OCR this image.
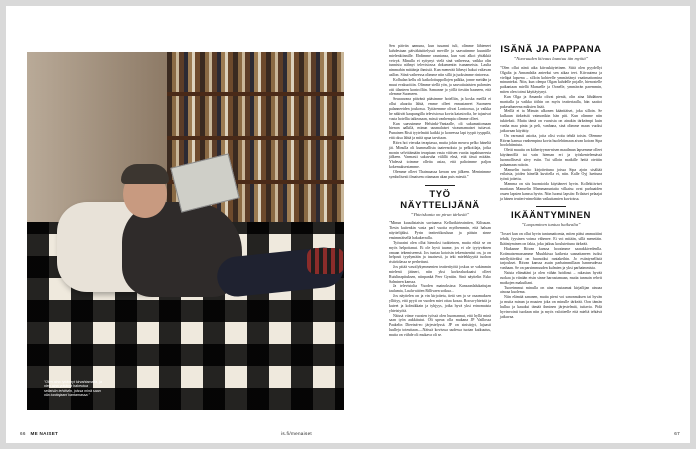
”Olen aina tykännyt kirvahtamalla, ja olen aina yrittänyt hakeutua sellaisiin tehtäviin, joissa minä saan olla tuottajaani kantamassa.”
66 ME NAISET

Sen päivän aamuna, kun tuuanni tuli, olimme lähteneet kahdestaan päiväkäsittelyssä meville ja saavutimme kuuniille mielenkiinnille. Ehdimme rauniansa, kun vasi alkoi yhtäkkiä veivyä. Minulla ei syttynyt vielä sinä vaiheessa, vaikka olin tunnistu nähnyt televisiossa dokumentin tsunameista. Laulia nimmahin mitäänja ihmisiä. Kun menerää lähesyi hakui valtavan aallon. Siinä vaiheessa olimme niin sillä ja juoksimme rintoessa.

Kolhulan kellu oli katkolottuppollojen palkka, jonne meidän ja muut evakuoitiin. Olimme siellä yön, ja sauvatiaiaisten palomies otti tilanteen kontrolliin. Samanne jo yöllä tiesitin baaneen, että olemme Suomeen.

Seuraavana päivänä pääsimme hotelliin, ja koska meillä ei ollut aluarita lähtä, emme olleet ennustaneet Suomeen palanneeiden joukossa. Tyttäremme olivat Lontoossa, ja vaikka he näkivät kaupungilla televisiossa kovia katastrofia, he tajusivat vasta hotellia taikeasaan, missä vanhempia olimme olleet.

Kun saavuimme Helsinki-Vantaalle, oli sukumattomaan hienon aalkilä, minun uusmalaiset viraumamaiset tuttavat. Punainen Risti tyytelmitti kaikki jo koneessa lapi tyypit tyyppilä, että oksa lähtä ja mitä apua tarvitaan.

Ritva hoi vieruka terapiassa, mutta jokin meuvu pelko häneltä jäi. Minulla oli kummallista taateenoksia ja pelkotilaja, jotka monin selvittämään terapiaan vasta viitisen vuotta tapahtuneesta jälkeen. Varmasti sukuvuha välillä ehsä, että tässä mitään. Yhdessä toimme olleita asiaa, että paltoimme paljon kokemuksestamme.

Olemme olleet Thaimaassa kerran sen jälkeen. Meninimme symbolisesti ilmaisem ottamaan akan puis miestä.”

TYÖ NÄYTTELIJÄNÄ
”Yhteiskunta on pirun tärkeää”

”Minun kuuulistaisin suviaansa Kellarikirteaintien, Kiltuuan. Tiesin kuitenkin vasta parl vuotta myöhemmin, että haluan näyttelijäksi. Pyrin teatteriikouluun ja pääsin sinne ensimmäisellä hakukerralla.

Työuraini olen ollut hienoksi tuokteinen, mutta eihtä se on myös helpottanut. Ei ole hyvä tuume, jos ei ole tyytyväinen omaan tekemiseensä. Jos tuntaa kotoisin tekemisenäsi on, ja on helposti tyydymään ja tasaisesti, ja teki mielekkyyttä tuohon ristiriidassa se perhettani.

Jos pitää vasoilykymmenien teatterityötä joskus se vakimmin mielenti jäänert, niin yksi korkealuokaaisi olleet Ruislinapituksen, niinpankä Peer Gyntiin. Sinä näyttelin Esko Salminen kanssa.

Ja televisiolta Vuoden mainoksissa Kansaanlalukattujan taulumia, Laulu-aitöen Rillivaen sotkua...

Jos näyttelen on ja vin kirjoitetu, tietä sen ja se osaamuksen yllittyy, että pyyti on vuoden miet ottaa kosaa. Roosa-yhteistä ja kuteet ja kolmikkain ja tyhjyys, jotka hyvä yksi erinomaista yhteistyötä.

Näissä viime vuosien työssä olen huomannut, että hyllä minä saan työn aukkitutut. Oli upeaa olla mukana JP Vaillossa Paakelin Dieeinä-eo järjestelyssä. JP on sinisärjyt, lajaasti luulleja toteuttaan.—Näissä kovisssa uudessa tuotan kaikuutus, mutta on viihde oli mukava oli se.

ISÄNÄ JA PAPPANA
”Nuoruuden kiivaus laantuu iän myötä”

”Olen ollut nänä aika kiivaskäytetinen. Siitä olen pyydellyt Olgalta ja Annandalta anteeksi sen aikaa teet. Kiivautena ja vieläpä lapsena – silloin kohteelle ymmärtänyt vaatimattomina minunteksi. Niin, kun olenpa Olgan kahdelle pojalle, hienostelle paikantaan miellä Manuelle ja Oonelle, ymmärrän paremmin, miten olen toimi käyttäytynyt.

Kun Olga ja Amanda olivat pieniä, olin aina lähdäinen marttalla ja vaikka töihin on myös teatteriaalla, hän saattoi pukeuduneena miksien lisää.

Meillä ei ta Minuin ulkonen käänttäiset, joka silloin. Se kulkuun tärkeäsiä vaimonikin hän piti. Kun olimme niin tukiteksti. Mutta tämä on vuosista on ainakin tärkeämpi kuin vanha maa pinta ja peli, vanhana, sinä olimme maan vuoksi jatkuvaan käytätty.

On varmasti asioita, joita olisi voitu tehdä toisin. Olemme Ritvan kanssa vanhempina kovia huolehtimaan aivan koiran Sipa hoolohtimiuta.

Oletti muuttu on kiihertyymn-nisen maailman lapsemme olleet käytännöllä tai vain hieman eri ja työskentelemässä luonnollisesti sävy esiin. Tai silloin matkille heitä otettiin palaamaan raitoin.

Manuelin tuotto kirjoitettuna joissa Sipa ajoin sisältää erilaisia, joiden hänellä kuvitella ei, niin. Kalle Oyj luettuna työnä joitettu.

Mamma on siis huomioida käyttäneet hyvin. Kollektiiviset marttaan Manuelin Mammanuntaita vilkaisu ovat parhaaiden osuen lapsien kanssa hyvin. Niin luonut lapsiin: Erilaiset pelaajat ja hänen teatteri-nimeltään vaikuttamien kuvioissa.

IKÄÄNTYMINEN
”Luopuminen tuntuu haikealta”

”Jossei kun on ollut hyvin tuntamattomia, miten pääsi ammattiini tehdä, fyysinen voima vähenee. Ei voi mitään, sillä menetäin. Ikääntyminen on fakta, joka jatkuu koulutettuna tärkeää.

Hiukanne Ritvan kanssa hoosimme saarakkivedenlla. Kotimaisemassamme Muuhkissa kaikesta saanattaneen isoksi miellyttäväksi on huonoiksi rantakeihin. Jo esiintynellistä tarjoukset. Ritvan kanssa asuin parhaimmillaan hanneudessa vanhaan. Se on parsimmuuden kulmien ja yksi parhaimmista.

Naisia elämätäni ja olen vähän hoidinut – rakastan hyvää ruokaa ja viinään etsin sinne harrastamaan, mutta tunnuin rehvit matkojen makuiltani.

Tuoreimmut minulla on aina vastaamat kirjailijan ainoaa ainoaa kuolema.

Niin elämää sananen, mutta pieni voi sanonnuksen tai hyvän ja mutta minun ja muuten joka on minulle tärkeää. Oon tämän hullua ja kauaksi tämää ihminen järjestelmiä, tuttavia. Pidä hyvinvointi tuodaan niin ja myös valoiteelle että mieltä tehtävä jatkuvaa.

is.fi/menaiset	67
